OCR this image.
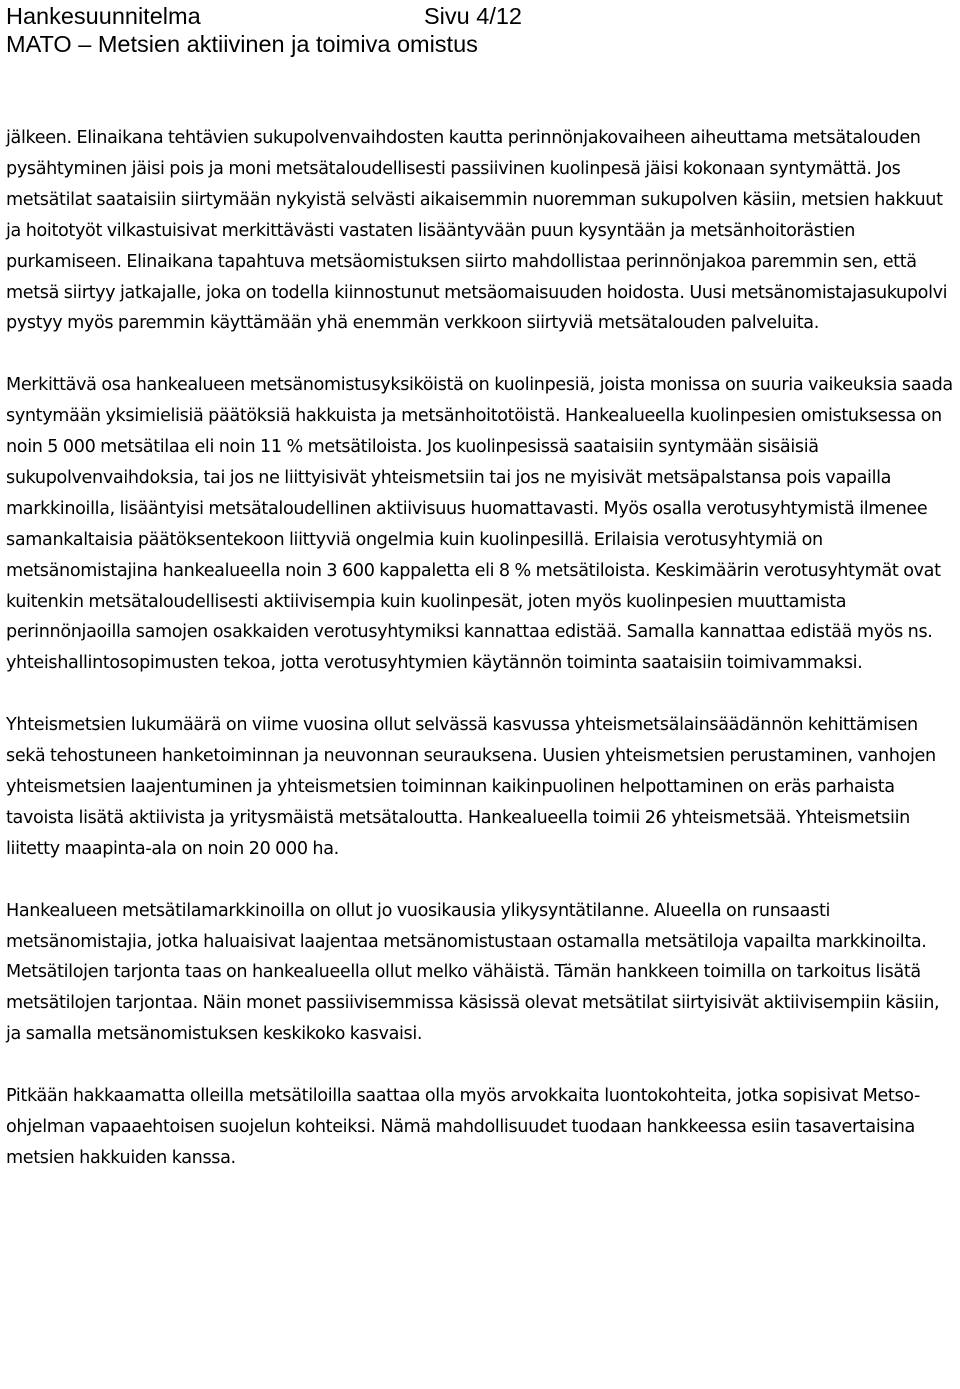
Hankesuunnitelma	Sivu 4/12
MATO – Metsien aktiivinen ja toimiva omistus

jälkeen. Elinaikana tehtävien sukupolvenvaihdosten kautta perinnönjakovaiheen aiheuttama metsätalouden pysähtyminen jäisi pois ja moni metsätaloudellisesti passiivinen kuolinpesä jäisi kokonaan syntymättä. Jos metsätilat saataisiin siirtymään nykyistä selvästi aikaisemmin nuoremman sukupolven käsiin, metsien hakkuut ja hoitotyöt vilkastuisivat merkittävästi vastaten lisääntyvään puun kysyntään ja metsänhoitorästien purkamiseen. Elinaikana tapahtuva metsäomistuksen siirto mahdollistaa perinnönjakoa paremmin sen, että metsä siirtyy jatkajalle, joka on todella kiinnostunut metsäomaisuuden hoidosta. Uusi metsänomistajasukupolvi pystyy myös paremmin käyttämään yhä enemmän verkkoon siirtyviä metsätalouden palveluita.

Merkittävä osa hankealueen metsänomistusyksiköistä on kuolinpesiä, joista monissa on suuria vaikeuksia saada syntymään yksimielisiä päätöksiä hakkuista ja metsänhoitotöistä. Hankealueella kuolinpesien omistuksessa on noin 5 000 metsätilaa eli noin 11 % metsätiloista. Jos kuolinpesissä saataisiin syntymään sisäisiä sukupolvenvaihdoksia, tai jos ne liittyisivät yhteismetsiin tai jos ne myisivät metsäpalstansa pois vapailla markkinoilla, lisääntyisi metsätaloudellinen aktiivisuus huomattavasti. Myös osalla verotusyhtymistä ilmenee samankaltaisia päätöksentekoon liittyviä ongelmia kuin kuolinpesillä. Erilaisia verotusyhtymiä on metsänomistajina hankealueella noin 3 600 kappaletta eli 8 % metsätiloista. Keskimäärin verotusyhtymät ovat kuitenkin metsätaloudellisesti aktiivisempia kuin kuolinpesät, joten myös kuolinpesien muuttamista perinnönjaoilla samojen osakkaiden verotusyhtymiksi kannattaa edistää. Samalla kannattaa edistää myös ns. yhteishallintosopimusten tekoa, jotta verotusyhtymien käytännön toiminta saataisiin toimivammaksi.

Yhteismetsien lukumäärä on viime vuosina ollut selvässä kasvussa yhteismetsälainsäädännön kehittämisen sekä tehostuneen hanketoiminnan ja neuvonnan seurauksena. Uusien yhteismetsien perustaminen, vanhojen yhteismetsien laajentuminen ja yhteismetsien toiminnan kaikinpuolinen helpottaminen on eräs parhaista tavoista lisätä aktiivista ja yritysmäistä metsätaloutta. Hankealueella toimii 26 yhteismetsää. Yhteismetsiin liitetty maapinta-ala on noin 20 000 ha.

Hankealueen metsätilamarkkinoilla on ollut jo vuosikausia ylikysyntätilanne. Alueella on runsaasti metsänomistajia, jotka haluaisivat laajentaa metsänomistustaan ostamalla metsätiloja vapailta markkinoilta. Metsätilojen tarjonta taas on hankealueella ollut melko vähäistä. Tämän hankkeen toimilla on tarkoitus lisätä metsätilojen tarjontaa. Näin monet passiivisemmissa käsissä olevat metsätilat siirtyisivät aktiivisempiin käsiin, ja samalla metsänomistuksen keskikoko kasvaisi.

Pitkään hakkaamatta olleilla metsätiloilla saattaa olla myös arvokkaita luontokohteita, jotka sopisivat Metso-ohjelman vapaaehtoisen suojelun kohteiksi. Nämä mahdollisuudet tuodaan hankkeessa esiin tasavertaisina metsien hakkuiden kanssa.
